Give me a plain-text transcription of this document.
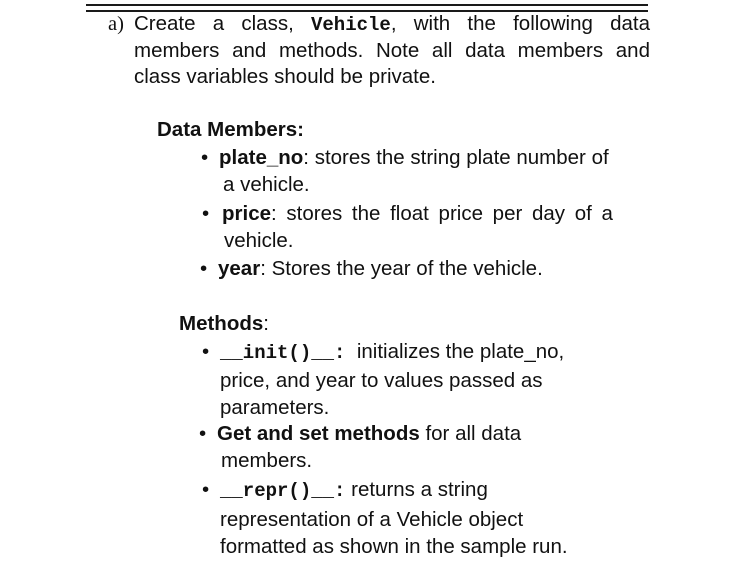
a) Create a class, Vehicle, with the following data members and methods. Note all data members and class variables should be private.
Data Members:
• plate_no: stores the string plate number of
a vehicle.
• price: stores the float price per day of a
vehicle.
• year: Stores the year of the vehicle.
Methods:
• __init()__:  initializes the plate_no,
price, and year to values passed as
parameters.
• Get and set methods for all data
members.
• __repr()__: returns a string
representation of a Vehicle object
formatted as shown in the sample run.
